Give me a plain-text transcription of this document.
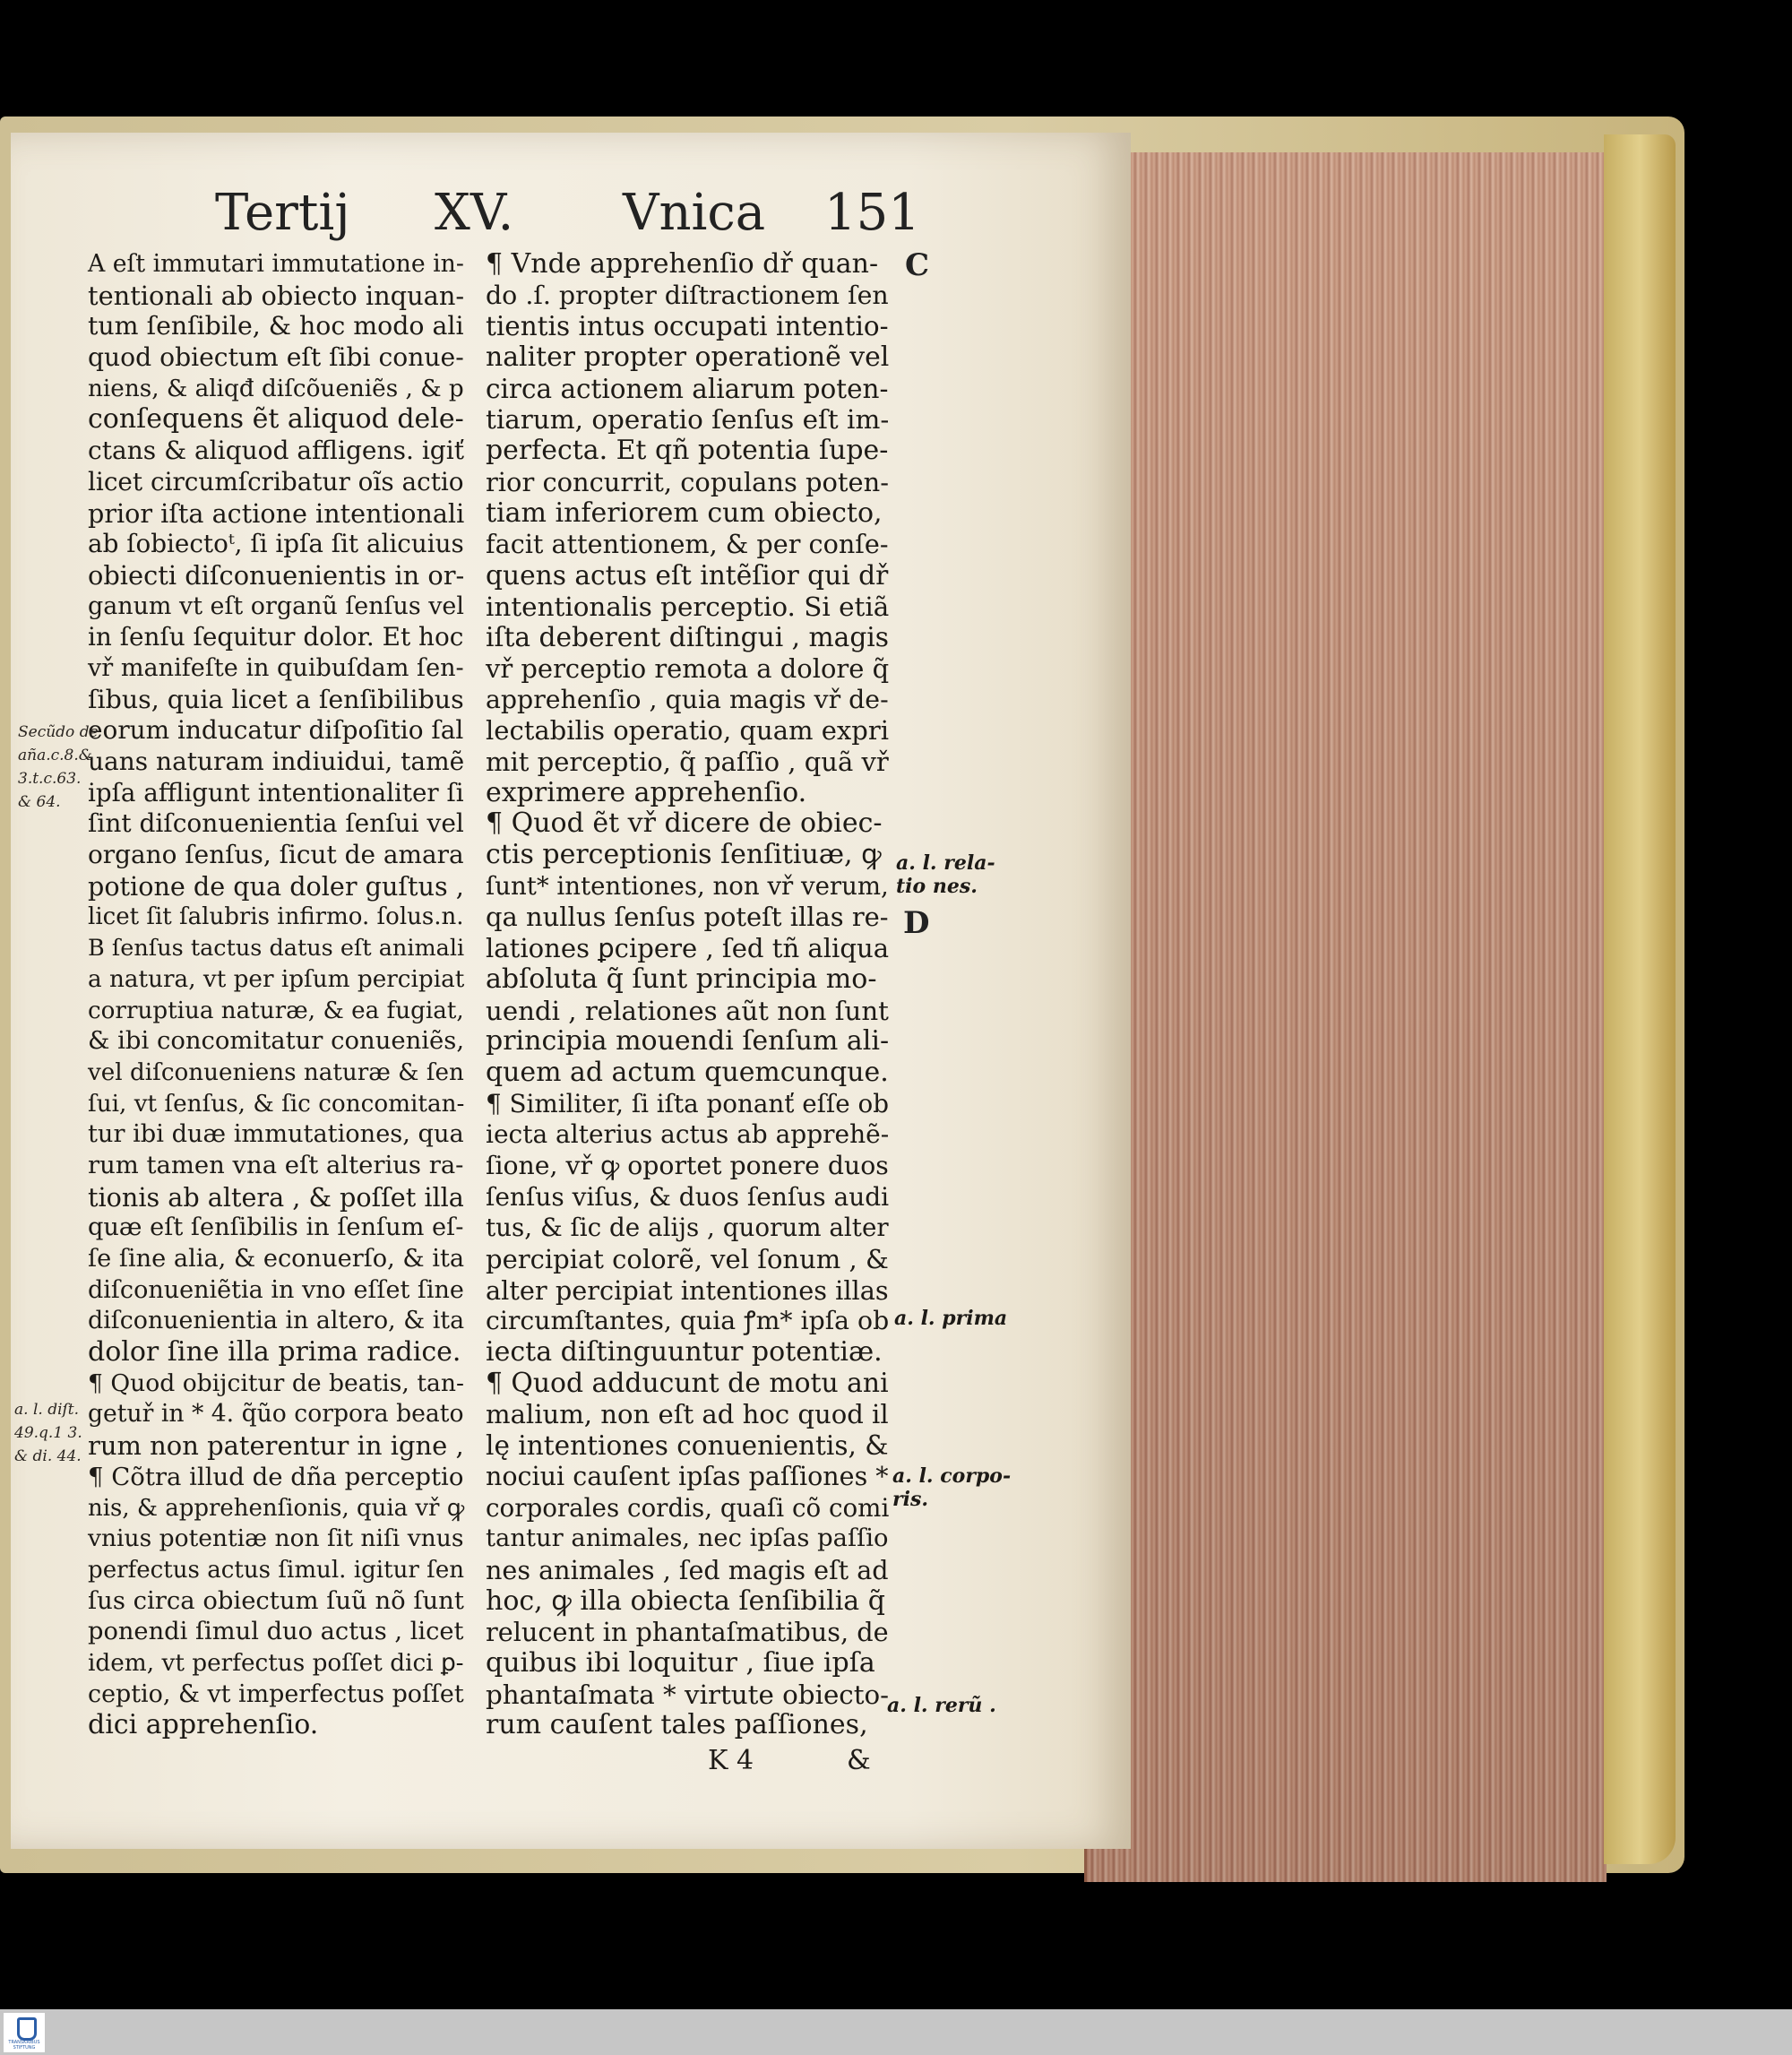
Tertij XV. Vnica 151
A eſt immutari immutatione in-
tentionali ab obiecto inquan-
tum ſenſibile, & hoc modo ali
quod obiectum eſt ſibi conue-
niens, & aliqđ diſcõueniẽs , & p
conſequens ẽt aliquod dele-
ctans & aliquod affligens. igiť
licet circumſcribatur oĩs actio
prior iſta actione intentionali
ab ſobiectoᵗ, ſi ipſa ſit alicuius
obiecti diſconuenientis in or-
ganum vt eſt organũ ſenſus vel
in ſenſu ſequitur dolor. Et hoc
vř manifeſte in quibuſdam ſen-
ſibus, quia licet a ſenſibilibus
eorum inducatur diſpoſitio ſal
uans naturam indiuidui, tamẽ
ipſa affligunt intentionaliter ſi
ſint diſconuenientia ſenſui vel
organo ſenſus, ſicut de amara
potione de qua doler guſtus ,
licet ſit ſalubris infirmo. ſolus.n.
B ſenſus tactus datus eſt animali
a natura, vt per ipſum percipiat
corruptiua naturæ, & ea fugiat,
& ibi concomitatur conueniẽs,
vel diſconueniens naturæ & ſen
ſui, vt ſenſus, & ſic concomitan-
tur ibi duæ immutationes, qua
rum tamen vna eſt alterius ra-
tionis ab altera , & poſſet illa
quæ eſt ſenſibilis in ſenſum eſ-
ſe ſine alia, & econuerſo, & ita
diſconueniẽtia in vno eſſet ſine
diſconuenientia in altero, & ita
dolor ſine illa prima radice.
¶ Quod obijcitur de beatis, tan-
getuř in * 4. q̃ũo corpora beato
rum non paterentur in igne ,
¶ Cõtra illud de dña perceptio
nis, & apprehenſionis, quia vř ꝙ
vnius potentiæ non ſit niſi vnus
perfectus actus ſimul. igitur ſen
ſus circa obiectum ſuũ nõ ſunt
ponendi ſimul duo actus , licet
idem, vt perfectus poſſet dici ꝑ-
ceptio, & vt imperfectus poſſet
dici apprehenſio.
¶ Vnde apprehenſio dř quan-
do .ſ. propter diſtractionem ſen
tientis intus occupati intentio-
naliter propter operationẽ vel
circa actionem aliarum poten-
tiarum, operatio ſenſus eſt im-
perfecta. Et qñ potentia ſupe-
rior concurrit, copulans poten-
tiam inferiorem cum obiecto,
facit attentionem, & per conſe-
quens actus eſt intẽſior qui dř
intentionalis perceptio. Si etiã
iſta deberent diſtingui , magis
vř perceptio remota a dolore q̃
apprehenſio , quia magis vř de-
lectabilis operatio, quam expri
mit perceptio, q̃ paſſio , quã vř
exprimere apprehenſio.
¶ Quod ẽt vř dicere de obiec-
ctis perceptionis ſenſitiuæ, ꝙ
ſunt* intentiones, non vř verum,
qa nullus ſenſus poteſt illas re-
lationes ꝑcipere , ſed tñ aliqua
abſoluta q̃ ſunt principia mo-
uendi , relationes aũt non ſunt
principia mouendi ſenſum ali-
quem ad actum quemcunque.
¶ Similiter, ſi iſta ponanť eſſe ob
iecta alterius actus ab apprehẽ-
ſione, vř ꝙ oportet ponere duos
ſenſus viſus, & duos ſenſus audi
tus, & ſic de alijs , quorum alter
percipiat colorẽ, vel ſonum , &
alter percipiat intentiones illas
circumſtantes, quia ꝭm* ipſa ob
iecta diſtinguuntur potentiæ.
¶ Quod adducunt de motu ani
malium, non eſt ad hoc quod il
lę intentiones conuenientis, &
nociui cauſent ipſas paſſiones *
corporales cordis, quaſi cõ comi
tantur animales, nec ipſas paſſio
nes animales , ſed magis eſt ad
hoc, ꝙ illa obiecta ſenſibilia q̃
relucent in phantaſmatibus, de
quibus ibi loquitur , ſiue ipſa
phantaſmata * virtute obiecto-
rum cauſent tales paſſiones,
C
D
a. l. rela-
tio nes.
a. l. prima
a. l. corpo-
ris.
a. l. rerũ .
Secũdo de
aña.c.8.&
3.t.c.63.
& 64.
a. l. diſt.
49.q.1 3.
& di. 44.
K 4	&
TRANSKRIBUS STIFTUNG
